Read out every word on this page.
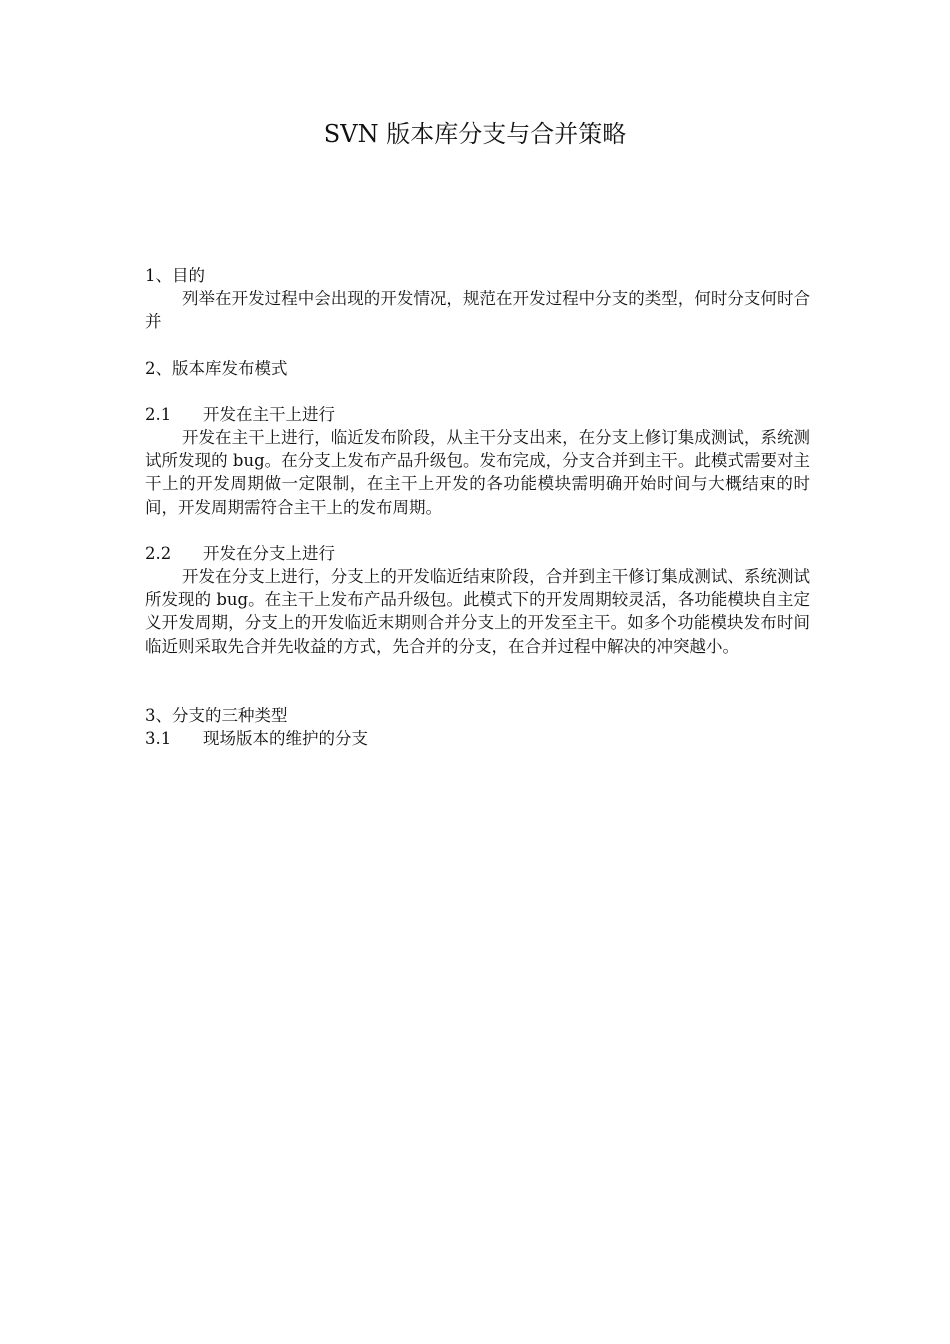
SVN 版本库分支与合并策略
1、目的
列举在开发过程中会出现的开发情况，规范在开发过程中分支的类型，何时分支何时合并
2、版本库发布模式
2.1 开发在主干上进行
开发在主干上进行，临近发布阶段，从主干分支出来，在分支上修订集成测试，系统测试所发现的 bug。在分支上发布产品升级包。发布完成，分支合并到主干。此模式需要对主干上的开发周期做一定限制，在主干上开发的各功能模块需明确开始时间与大概结束的时间，开发周期需符合主干上的发布周期。
2.2 开发在分支上进行
开发在分支上进行，分支上的开发临近结束阶段，合并到主干修订集成测试、系统测试所发现的 bug。在主干上发布产品升级包。此模式下的开发周期较灵活，各功能模块自主定义开发周期，分支上的开发临近末期则合并分支上的开发至主干。如多个功能模块发布时间临近则采取先合并先收益的方式，先合并的分支，在合并过程中解决的冲突越小。
3、分支的三种类型
3.1 现场版本的维护的分支
